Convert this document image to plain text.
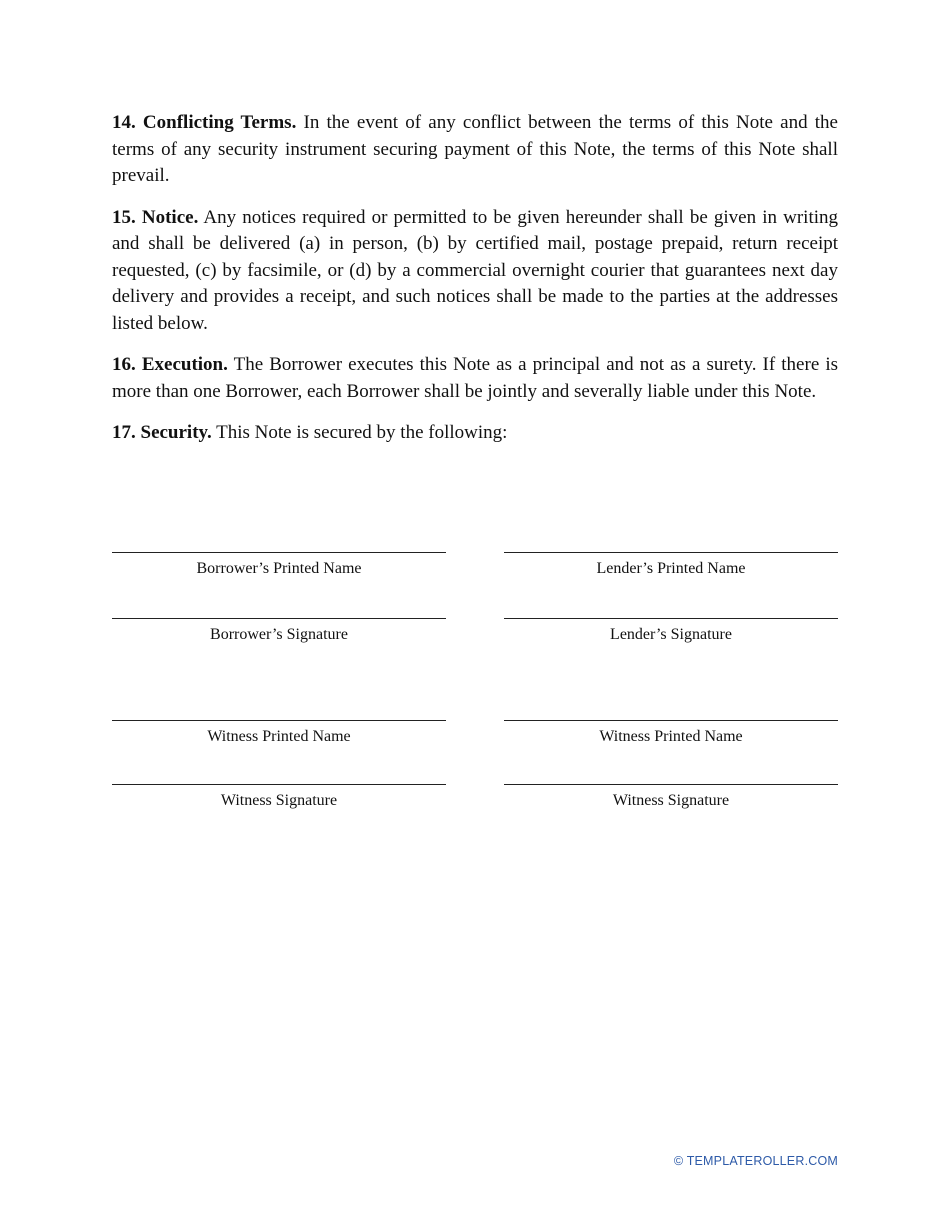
14. Conflicting Terms. In the event of any conflict between the terms of this Note and the terms of any security instrument securing payment of this Note, the terms of this Note shall prevail.

15. Notice. Any notices required or permitted to be given hereunder shall be given in writing and shall be delivered (a) in person, (b) by certified mail, postage prepaid, return receipt requested, (c) by facsimile, or (d) by a commercial overnight courier that guarantees next day delivery and provides a receipt, and such notices shall be made to the parties at the addresses listed below.

16. Execution. The Borrower executes this Note as a principal and not as a surety. If there is more than one Borrower, each Borrower shall be jointly and severally liable under this Note.

17. Security. This Note is secured by the following:

Borrower’s Printed Name	Lender’s Printed Name
Borrower’s Signature	Lender’s Signature
Witness Printed Name	Witness Printed Name
Witness Signature	Witness Signature
© TEMPLATEROLLER.COM
